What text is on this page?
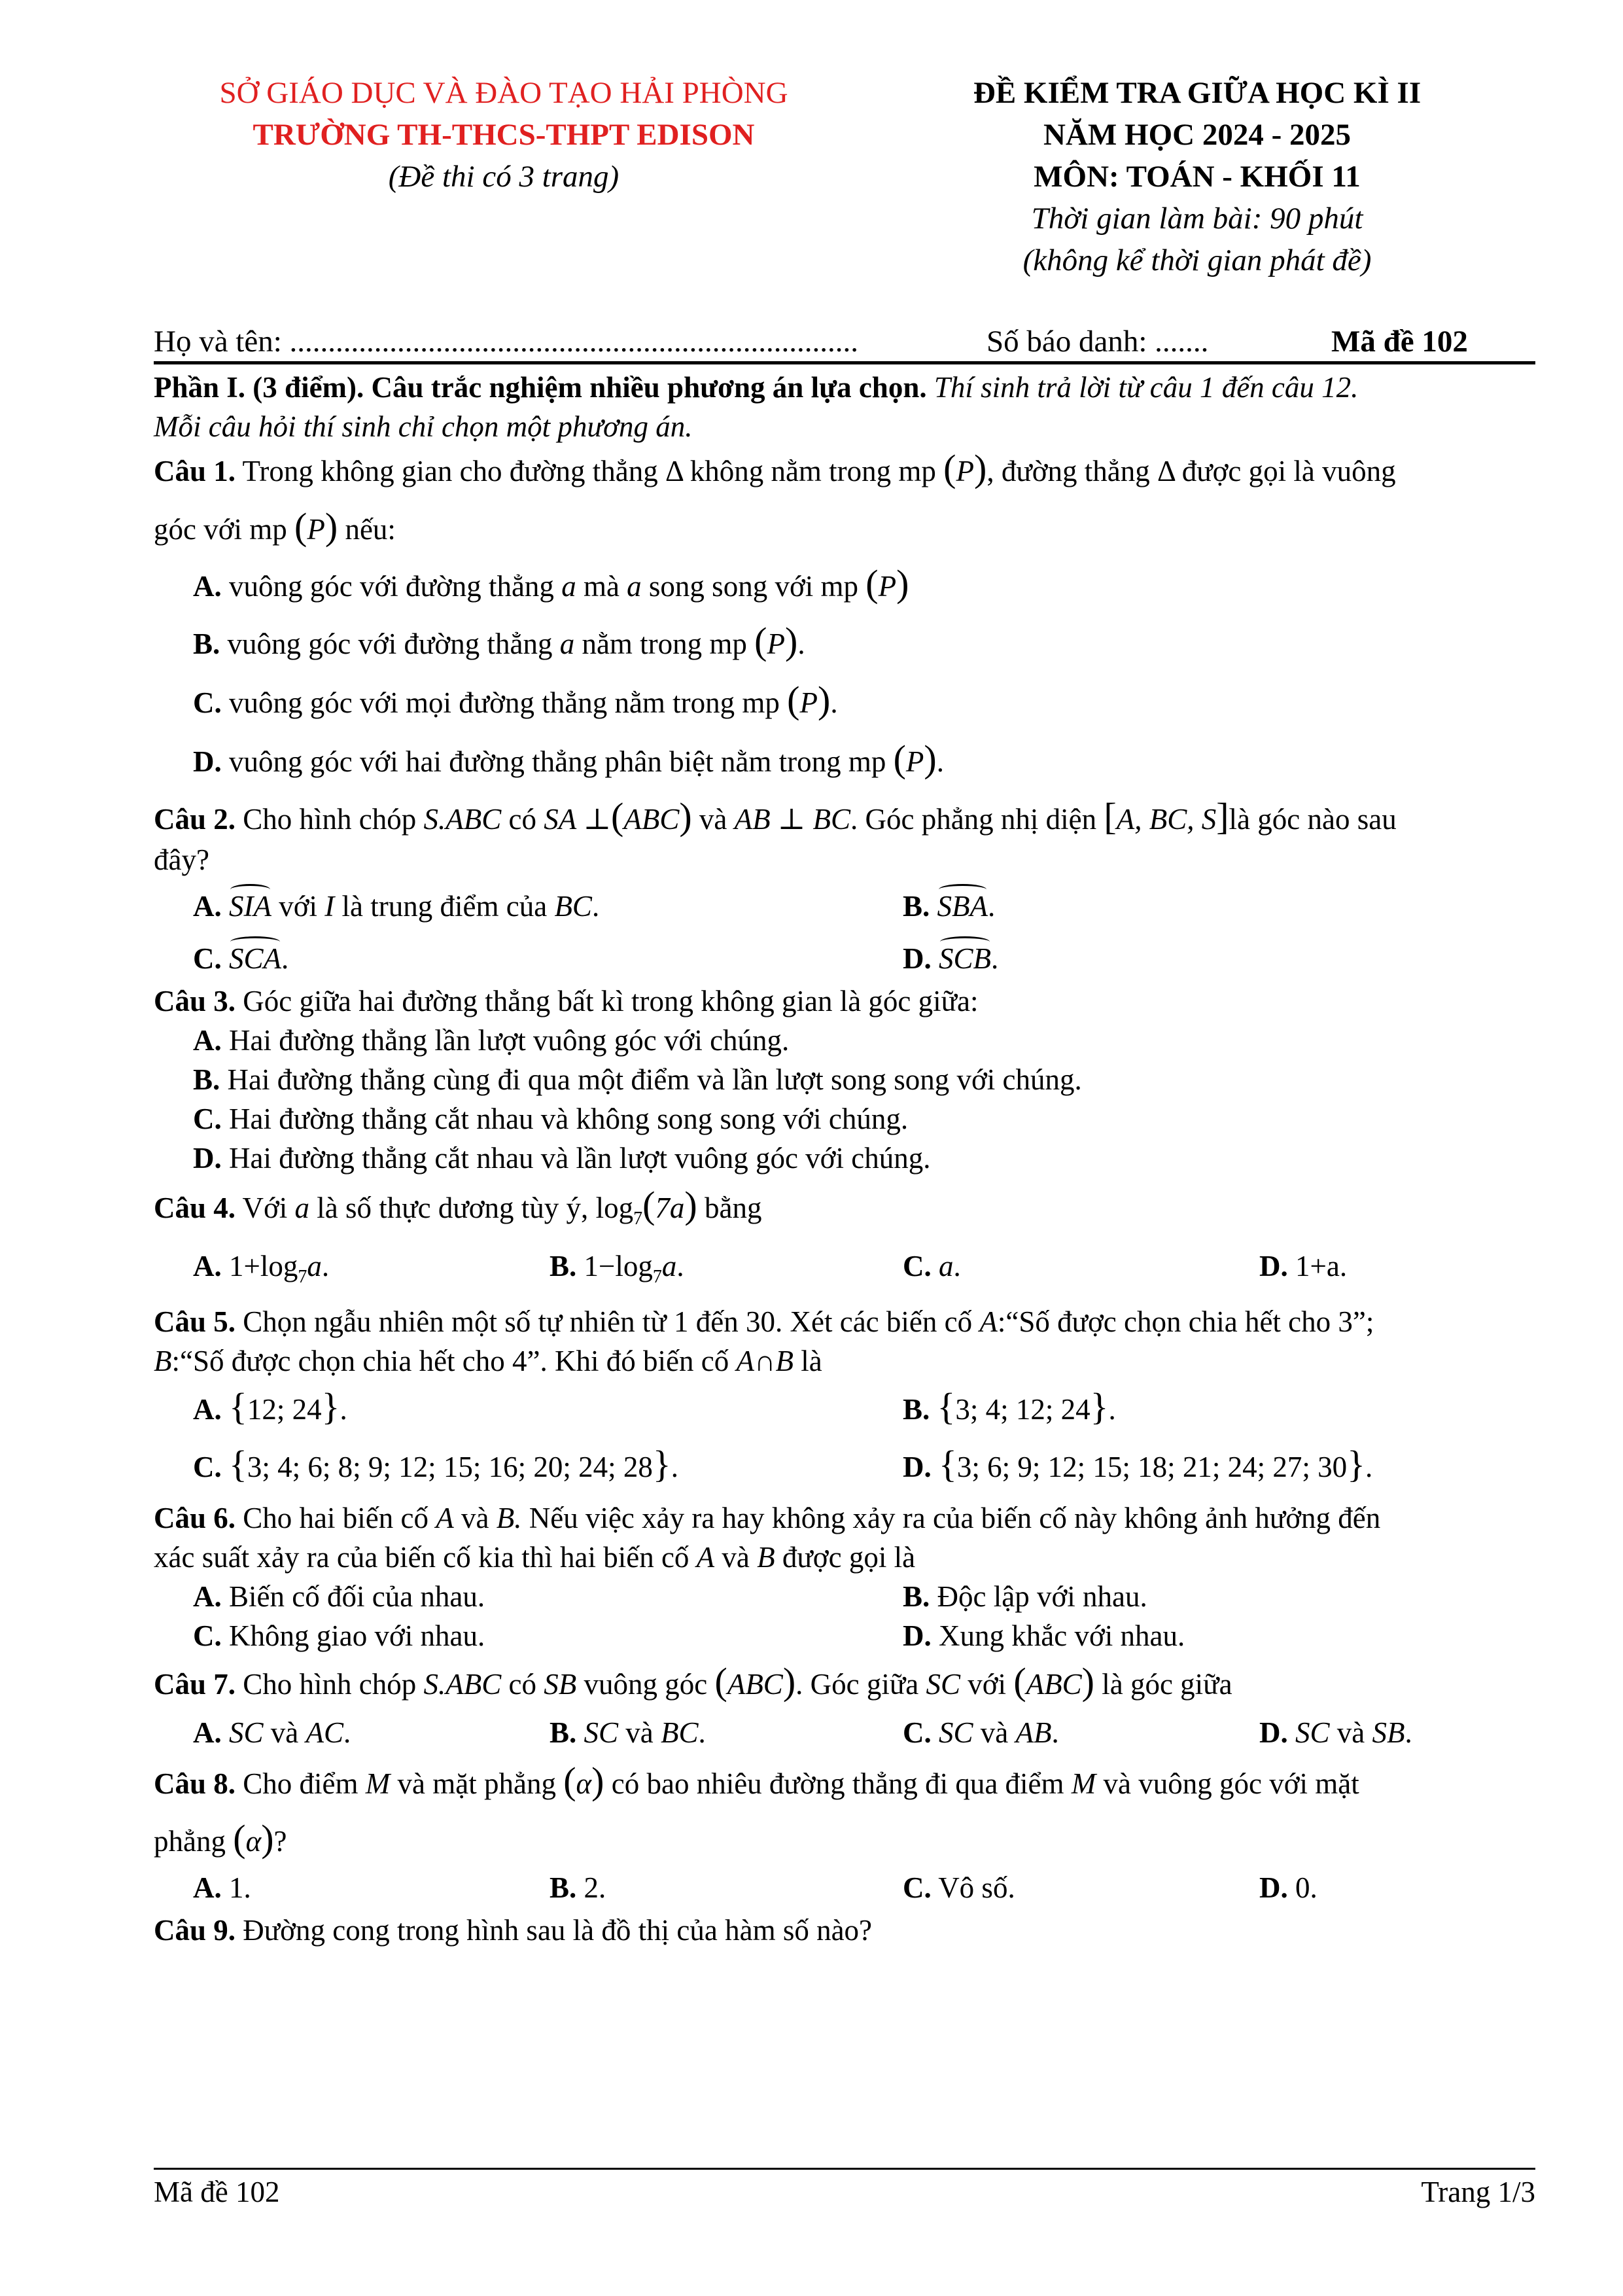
SỞ GIÁO DỤC VÀ ĐÀO TẠO HẢI PHÒNG
TRƯỜNG TH-THCS-THPT EDISON
(Đề thi có 3 trang)
ĐỀ KIỂM TRA GIỮA HỌC KÌ II
NĂM HỌC 2024 - 2025
MÔN: TOÁN - KHỐI 11
Thời gian làm bài: 90 phút
(không kể thời gian phát đề)
Họ và tên: ..........................................................................	Số báo danh: .......	Mã đề 102
Phần I. (3 điểm). Câu trắc nghiệm nhiều phương án lựa chọn. Thí sinh trả lời từ câu 1 đến câu 12.
Mỗi câu hỏi thí sinh chỉ chọn một phương án.
Câu 1. Trong không gian cho đường thẳng Δ không nằm trong mp (P), đường thẳng Δ được gọi là vuông
góc với mp (P) nếu:
A. vuông góc với đường thẳng a mà a song song với mp (P)
B. vuông góc với đường thẳng a nằm trong mp (P).
C. vuông góc với mọi đường thẳng nằm trong mp (P).
D. vuông góc với hai đường thẳng phân biệt nằm trong mp (P).
Câu 2. Cho hình chóp S.ABC có SA ⊥(ABC) và AB ⊥ BC. Góc phẳng nhị diện [A, BC, S]là góc nào sau
đây?
A. SIA với I là trung điểm của BC.	B. SBA.
C. SCA.	D. SCB.
Câu 3. Góc giữa hai đường thẳng bất kì trong không gian là góc giữa:
A. Hai đường thẳng lần lượt vuông góc với chúng.
B. Hai đường thẳng cùng đi qua một điểm và lần lượt song song với chúng.
C. Hai đường thẳng cắt nhau và không song song với chúng.
D. Hai đường thẳng cắt nhau và lần lượt vuông góc với chúng.
Câu 4. Với a là số thực dương tùy ý, $\log_7(7a)$ bằng
A. $1+\log_7a$.	B. $1-\log_7a$.	C. a.	D. 1+a.
Câu 5. Chọn ngẫu nhiên một số tự nhiên từ 1 đến 30. Xét các biến cố A:“Số được chọn chia hết cho 3”;
B:“Số được chọn chia hết cho 4”. Khi đó biến cố A∩B là
A. {12; 24}.	B. {3; 4; 12; 24}.
C. {3; 4; 6; 8; 9; 12; 15; 16; 20; 24; 28}.	D. {3; 6; 9; 12; 15; 18; 21; 24; 27; 30}.
Câu 6. Cho hai biến cố A và B. Nếu việc xảy ra hay không xảy ra của biến cố này không ảnh hưởng đến
xác suất xảy ra của biến cố kia thì hai biến cố A và B được gọi là
A. Biến cố đối của nhau.	B. Độc lập với nhau.
C. Không giao với nhau.	D. Xung khắc với nhau.
Câu 7. Cho hình chóp S.ABC có SB vuông góc (ABC). Góc giữa SC với (ABC) là góc giữa
A. SC và AC.	B. SC và BC.	C. SC và AB.	D. SC và SB.
Câu 8. Cho điểm M và mặt phẳng (α) có bao nhiêu đường thẳng đi qua điểm M và vuông góc với mặt
phẳng (α)?
A. 1.	B. 2.	C. Vô số.	D. 0.
Câu 9. Đường cong trong hình sau là đồ thị của hàm số nào?
Mã đề 102	Trang 1/3
